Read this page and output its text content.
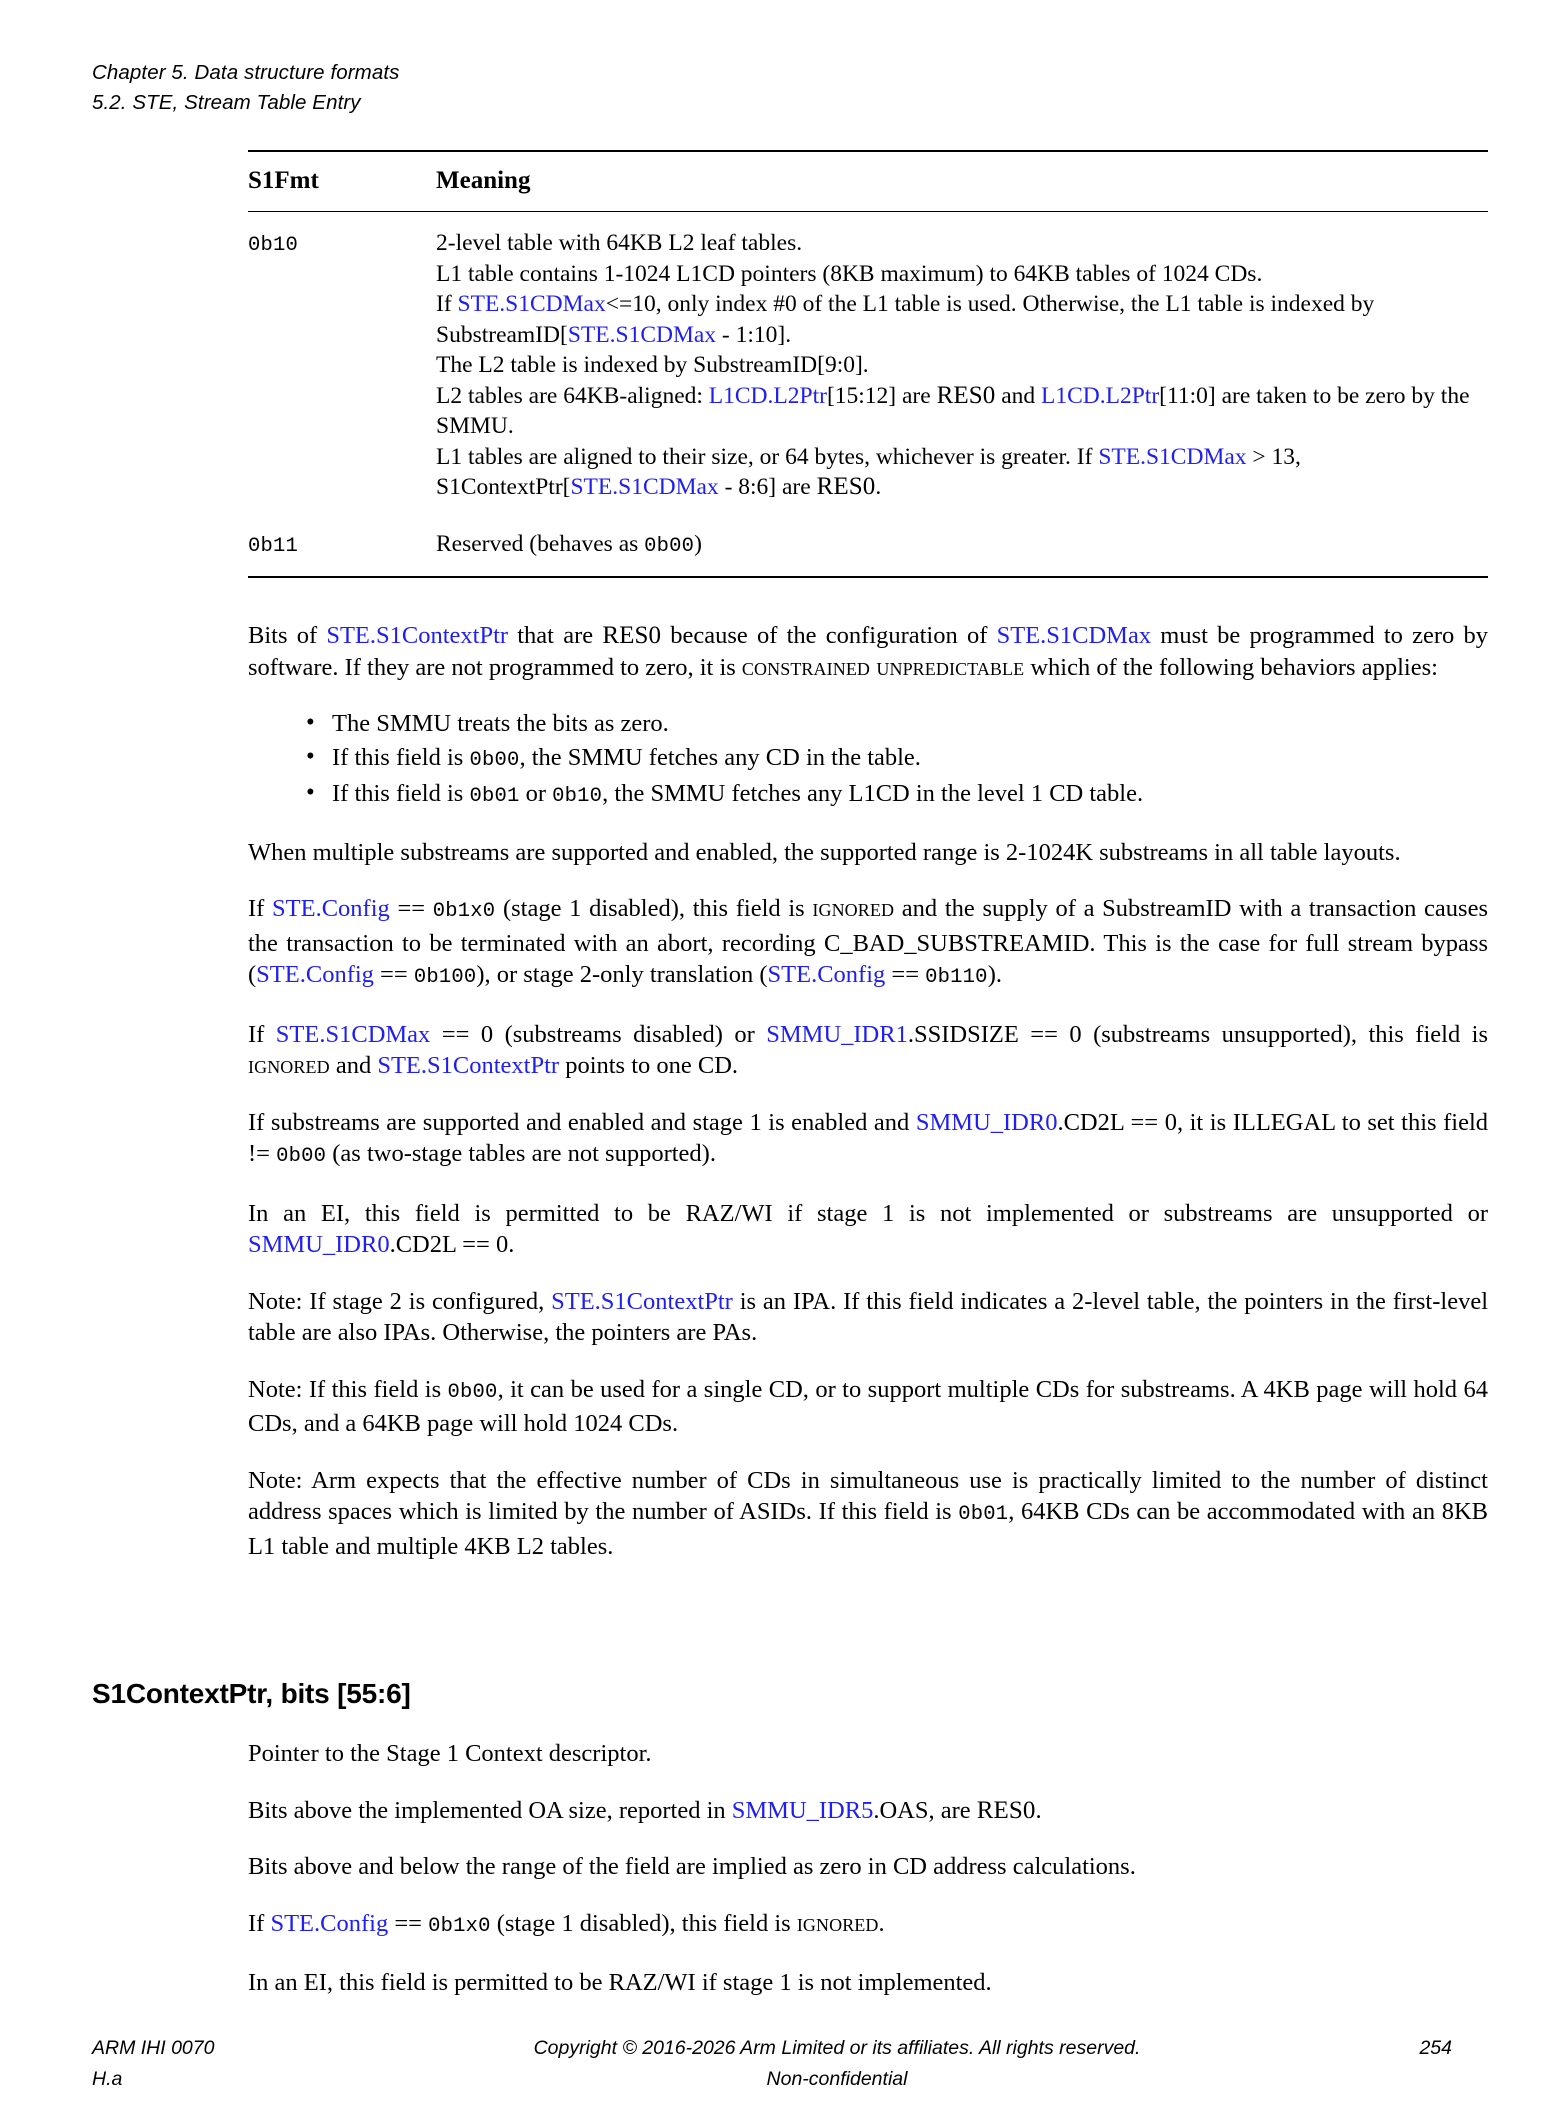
Chapter 5. Data structure formats
5.2. STE, Stream Table Entry
S1Fmt	Meaning
0b10	2-level table with 64KB L2 leaf tables.
L1 table contains 1-1024 L1CD pointers (8KB maximum) to 64KB tables of 1024 CDs.
If STE.S1CDMax<=10, only index #0 of the L1 table is used. Otherwise, the L1 table is indexed by SubstreamID[STE.S1CDMax - 1:10].
The L2 table is indexed by SubstreamID[9:0].
L2 tables are 64KB-aligned: L1CD.L2Ptr[15:12] are RES0 and L1CD.L2Ptr[11:0] are taken to be zero by the SMMU.
L1 tables are aligned to their size, or 64 bytes, whichever is greater. If STE.S1CDMax > 13, S1ContextPtr[STE.S1CDMax - 8:6] are RES0.
0b11	Reserved (behaves as 0b00)

Bits of STE.S1ContextPtr that are RES0 because of the configuration of STE.S1CDMax must be programmed to zero by software. If they are not programmed to zero, it is constrained unpredictable which of the following behaviors applies:

• The SMMU treats the bits as zero.
• If this field is 0b00, the SMMU fetches any CD in the table.
• If this field is 0b01 or 0b10, the SMMU fetches any L1CD in the level 1 CD table.

When multiple substreams are supported and enabled, the supported range is 2-1024K substreams in all table layouts.

If STE.Config == 0b1x0 (stage 1 disabled), this field is ignored and the supply of a SubstreamID with a transaction causes the transaction to be terminated with an abort, recording C_BAD_SUBSTREAMID. This is the case for full stream bypass (STE.Config == 0b100), or stage 2-only translation (STE.Config == 0b110).

If STE.S1CDMax == 0 (substreams disabled) or SMMU_IDR1.SSIDSIZE == 0 (substreams unsupported), this field is ignored and STE.S1ContextPtr points to one CD.

If substreams are supported and enabled and stage 1 is enabled and SMMU_IDR0.CD2L == 0, it is ILLEGAL to set this field != 0b00 (as two-stage tables are not supported).

In an EI, this field is permitted to be RAZ/WI if stage 1 is not implemented or substreams are unsupported or SMMU_IDR0.CD2L == 0.

Note: If stage 2 is configured, STE.S1ContextPtr is an IPA. If this field indicates a 2-level table, the pointers in the first-level table are also IPAs. Otherwise, the pointers are PAs.

Note: If this field is 0b00, it can be used for a single CD, or to support multiple CDs for substreams. A 4KB page will hold 64 CDs, and a 64KB page will hold 1024 CDs.

Note: Arm expects that the effective number of CDs in simultaneous use is practically limited to the number of distinct address spaces which is limited by the number of ASIDs. If this field is 0b01, 64KB CDs can be accommodated with an 8KB L1 table and multiple 4KB L2 tables.

S1ContextPtr, bits [55:6]

Pointer to the Stage 1 Context descriptor.

Bits above the implemented OA size, reported in SMMU_IDR5.OAS, are RES0.

Bits above and below the range of the field are implied as zero in CD address calculations.

If STE.Config == 0b1x0 (stage 1 disabled), this field is ignored.

In an EI, this field is permitted to be RAZ/WI if stage 1 is not implemented.

ARM IHI 0070	Copyright © 2016-2026 Arm Limited or its affiliates. All rights reserved.	254
H.a	Non-confidential
